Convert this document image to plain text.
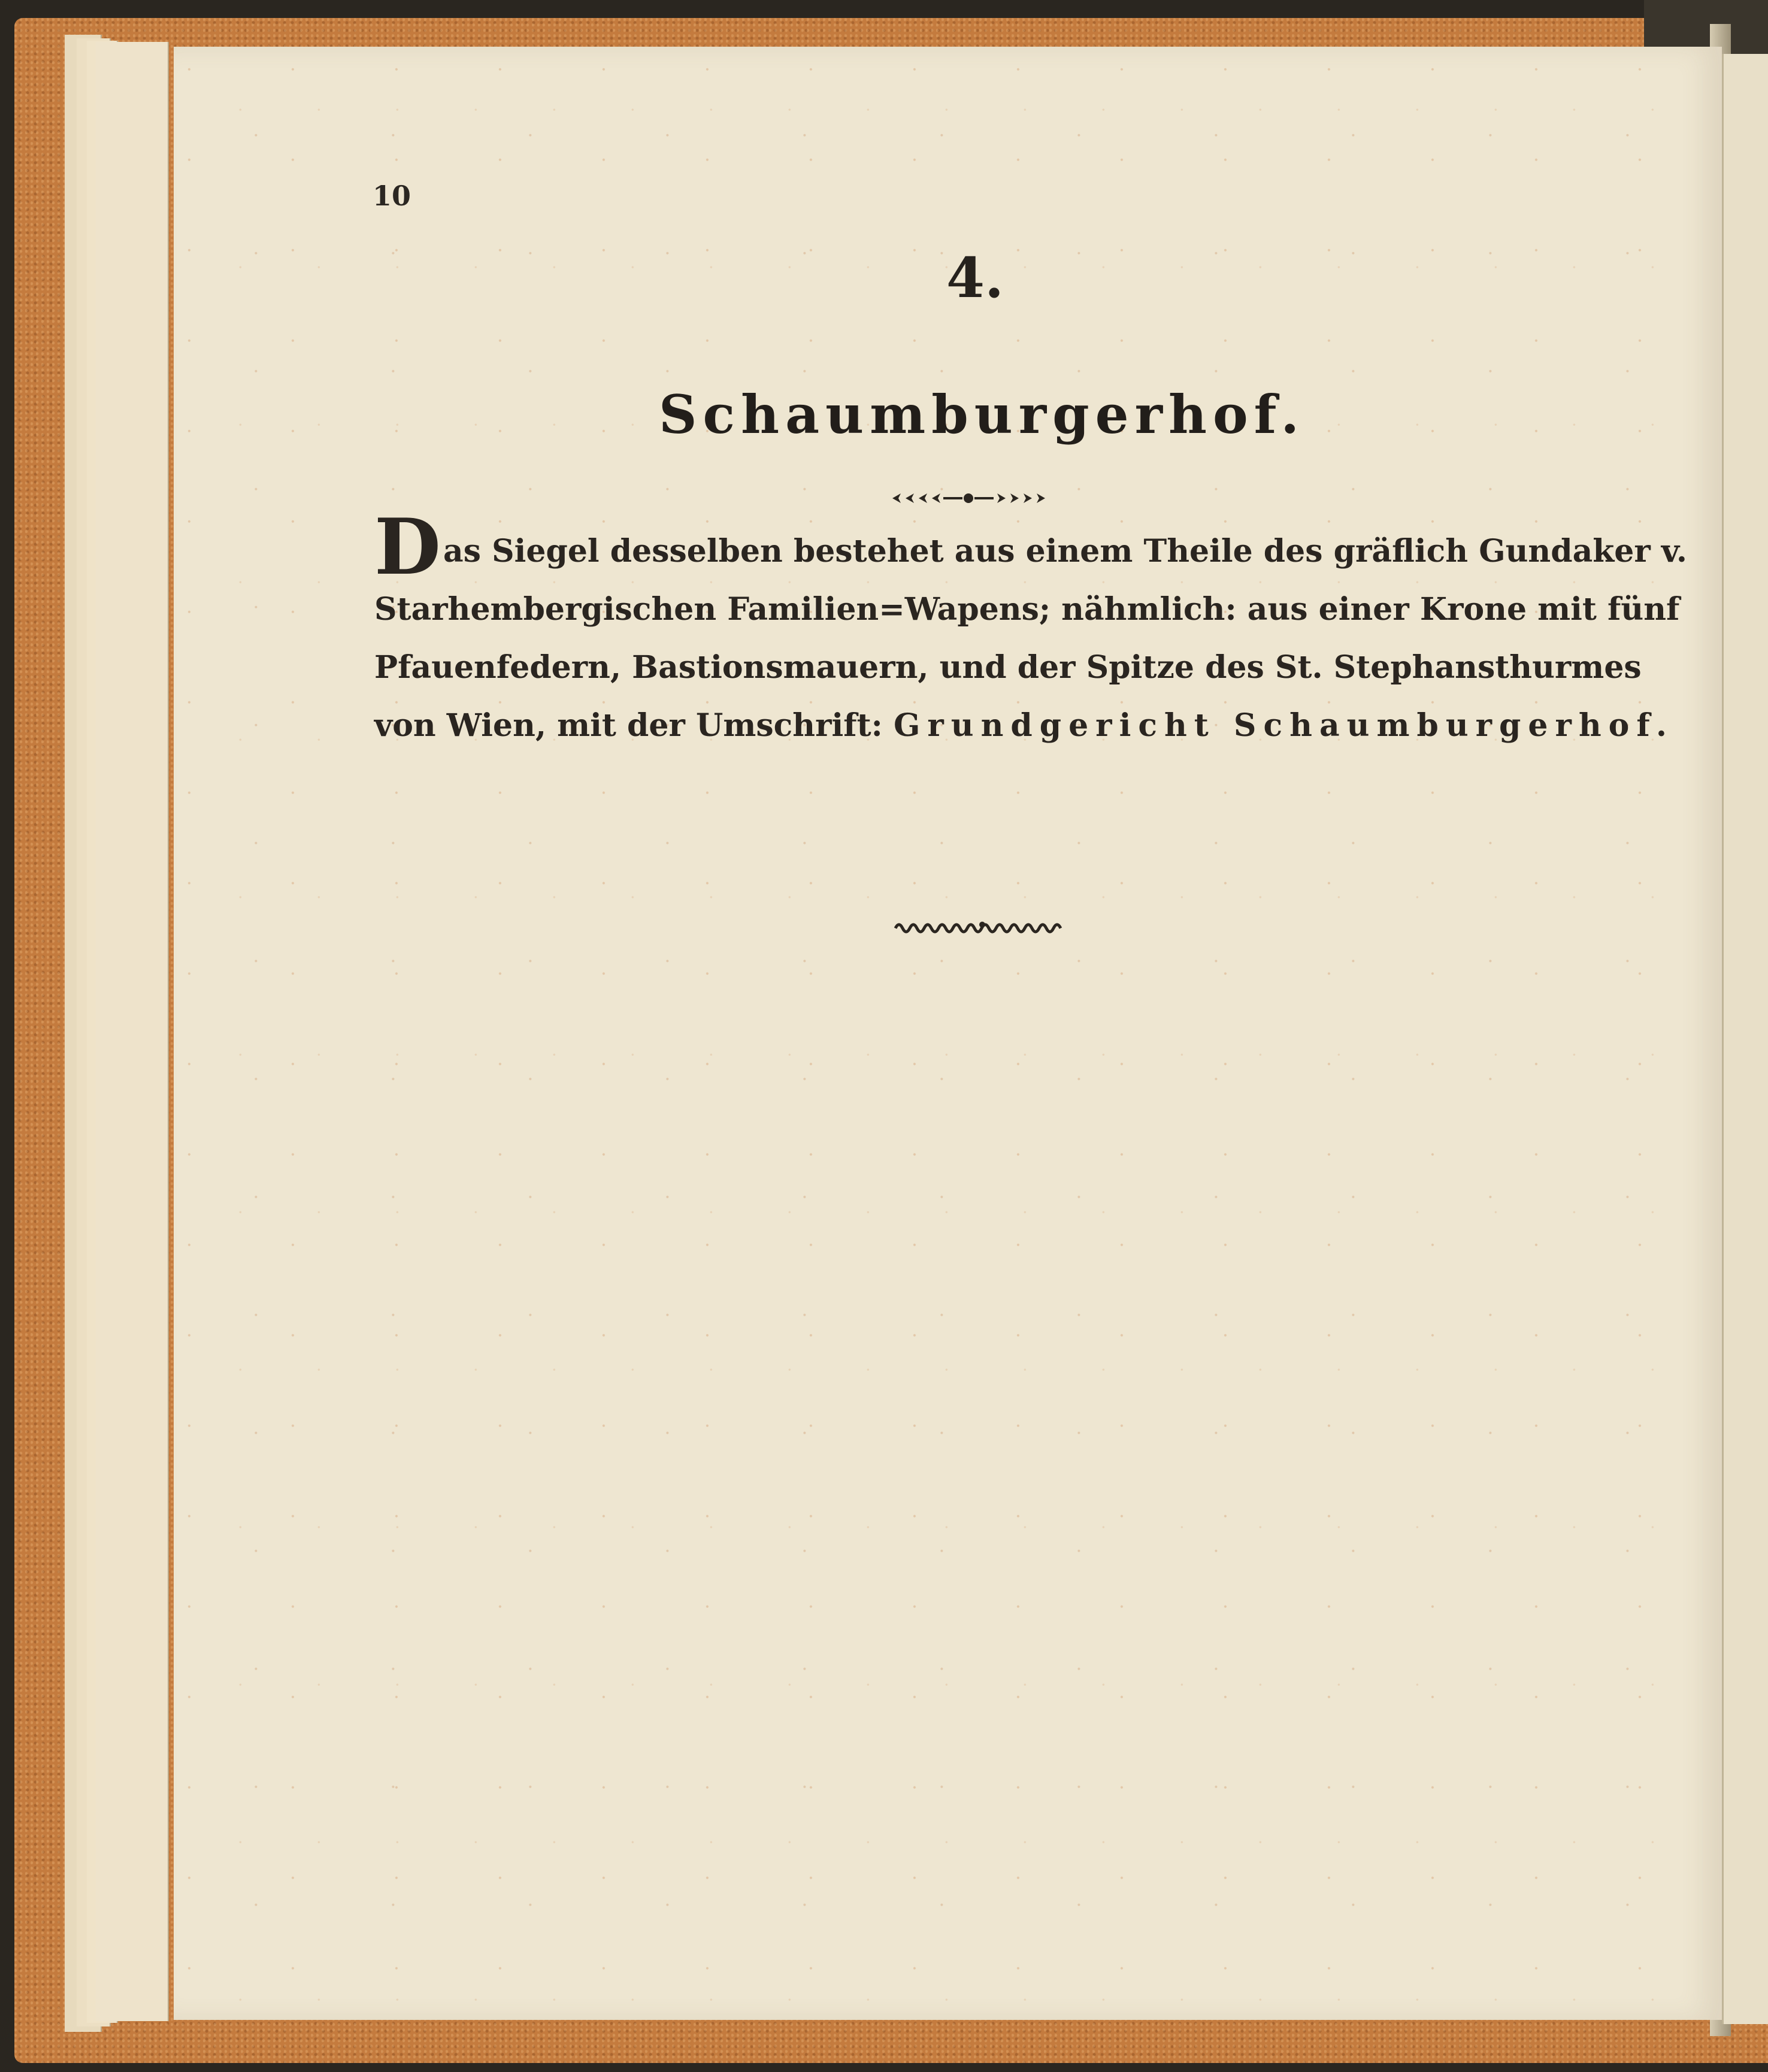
10
4.
Schaumburgerhof.
Das Siegel desselben bestehet aus einem Theile des gräflich Gundaker v.
Starhembergischen Familien=Wapens; nähmlich: aus einer Krone mit fünf
Pfauenfedern, Bastionsmauern, und der Spitze des St. Stephansthurmes
von Wien, mit der Umschrift: Grundgericht Schaumburgerhof.
